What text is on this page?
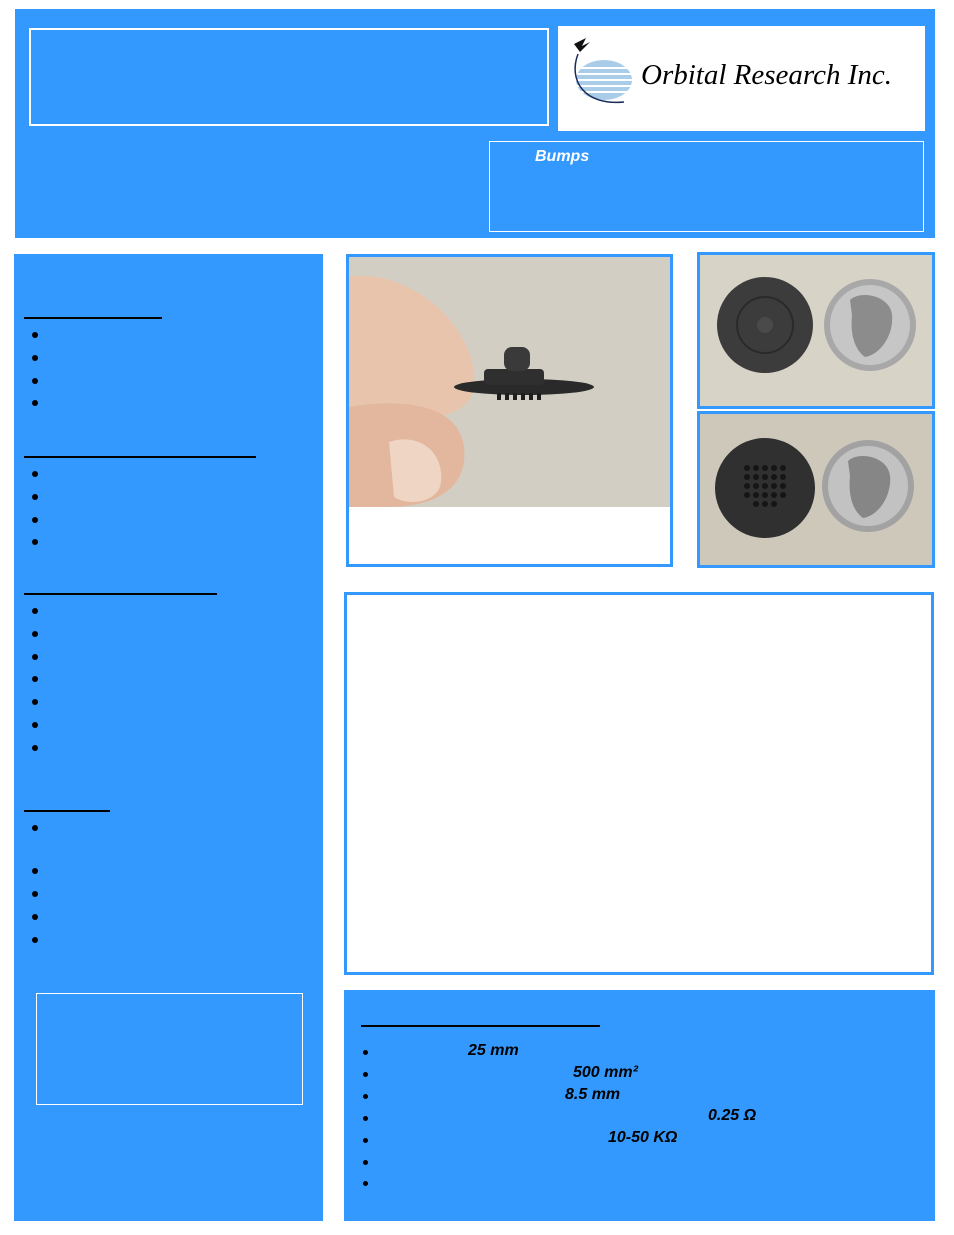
Orbital Research Inc.
Bumps
25 mm
500 mm²
8.5 mm
0.25 Ω
10-50 KΩ
